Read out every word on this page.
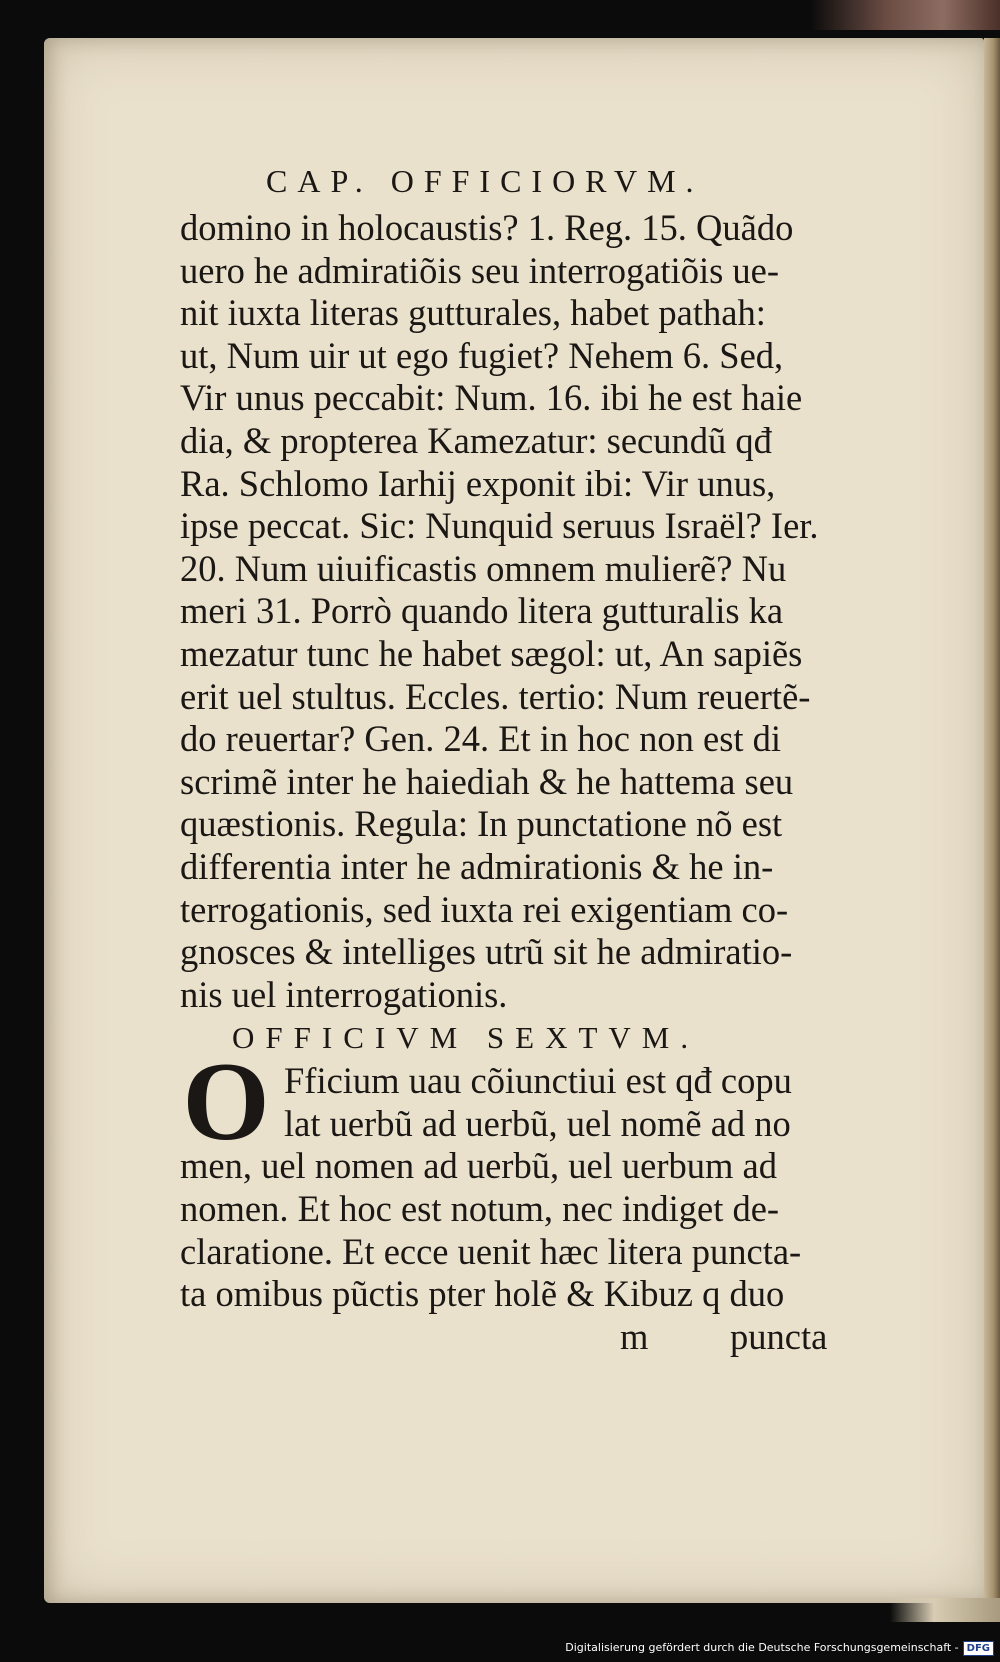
CAP. OFFICIORVM.
domino in holocaustis? 1. Reg. 15. Quãdo
uero he admiratiõis seu interrogatiõis ue-
nit iuxta literas gutturales, habet pathah:
ut, Num uir ut ego fugiet? Nehem 6. Sed,
Vir unus peccabit: Num. 16. ibi he est haie
dia, & propterea Kamezatur: secundũ qđ
Ra. Schlomo Iarhij exponit ibi: Vir unus,
ipse peccat. Sic: Nunquid seruus Israël? Ier.
20. Num uiuificastis omnem mulierẽ? Nu
meri 31. Porrò quando litera gutturalis ka
mezatur tunc he habet sægol: ut, An sapiẽs
erit uel stultus. Eccles. tertio: Num reuertẽ-
do reuertar? Gen. 24. Et in hoc non est di
scrimẽ inter he haiediah & he hattema seu
quæstionis. Regula: In punctatione nõ est
differentia inter he admirationis & he in-
terrogationis, sed iuxta rei exigentiam co-
gnosces & intelliges utrũ sit he admiratio-
nis uel interrogationis.
OFFICIVM SEXTVM.
O Fficium uau cõiunctiui est qđ copu
lat uerbũ ad uerbũ, uel nomẽ ad no
men, uel nomen ad uerbũ, uel uerbum ad
nomen. Et hoc est notum, nec indiget de-
claratione. Et ecce uenit hæc litera puncta-
ta omibus pũctis pter holẽ & Kibuz q duo
m puncta
Digitalisierung gefördert durch die Deutsche Forschungsgemeinschaft - DFG
